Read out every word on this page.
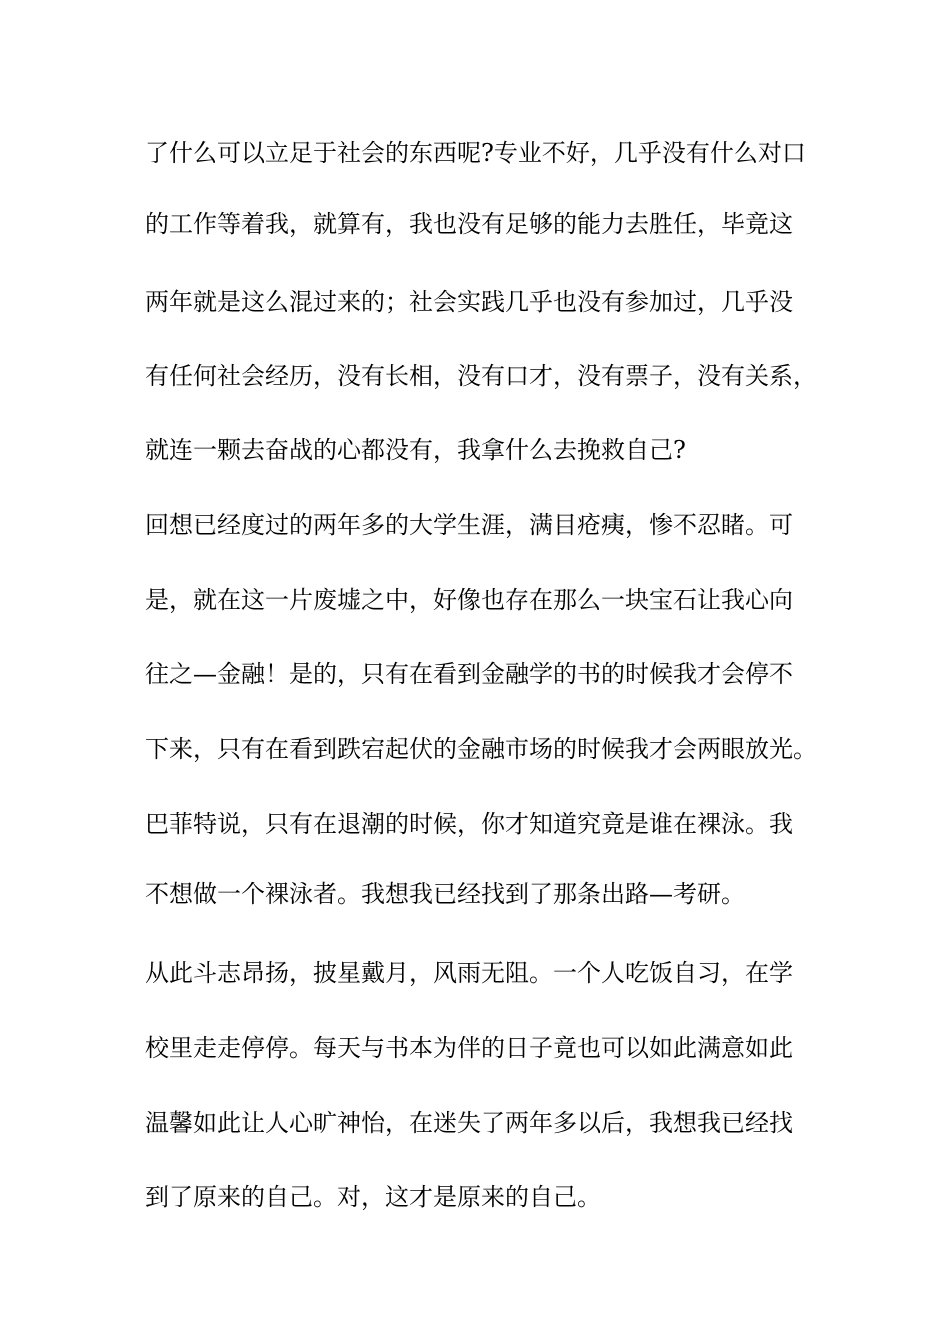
了什么可以立足于社会的东西呢?专业不好，几乎没有什么对口
的工作等着我，就算有，我也没有足够的能力去胜任，毕竟这
两年就是这么混过来的；社会实践几乎也没有参加过，几乎没
有任何社会经历，没有长相，没有口才，没有票子，没有关系，
就连一颗去奋战的心都没有，我拿什么去挽救自己?
回想已经度过的两年多的大学生涯，满目疮痍，惨不忍睹。可
是，就在这一片废墟之中，好像也存在那么一块宝石让我心向
往之—金融！是的，只有在看到金融学的书的时候我才会停不
下来，只有在看到跌宕起伏的金融市场的时候我才会两眼放光。
巴菲特说，只有在退潮的时候，你才知道究竟是谁在裸泳。我
不想做一个裸泳者。我想我已经找到了那条出路—考研。
从此斗志昂扬，披星戴月，风雨无阻。一个人吃饭自习，在学
校里走走停停。每天与书本为伴的日子竟也可以如此满意如此
温馨如此让人心旷神怡，在迷失了两年多以后，我想我已经找
到了原来的自己。对，这才是原来的自己。
